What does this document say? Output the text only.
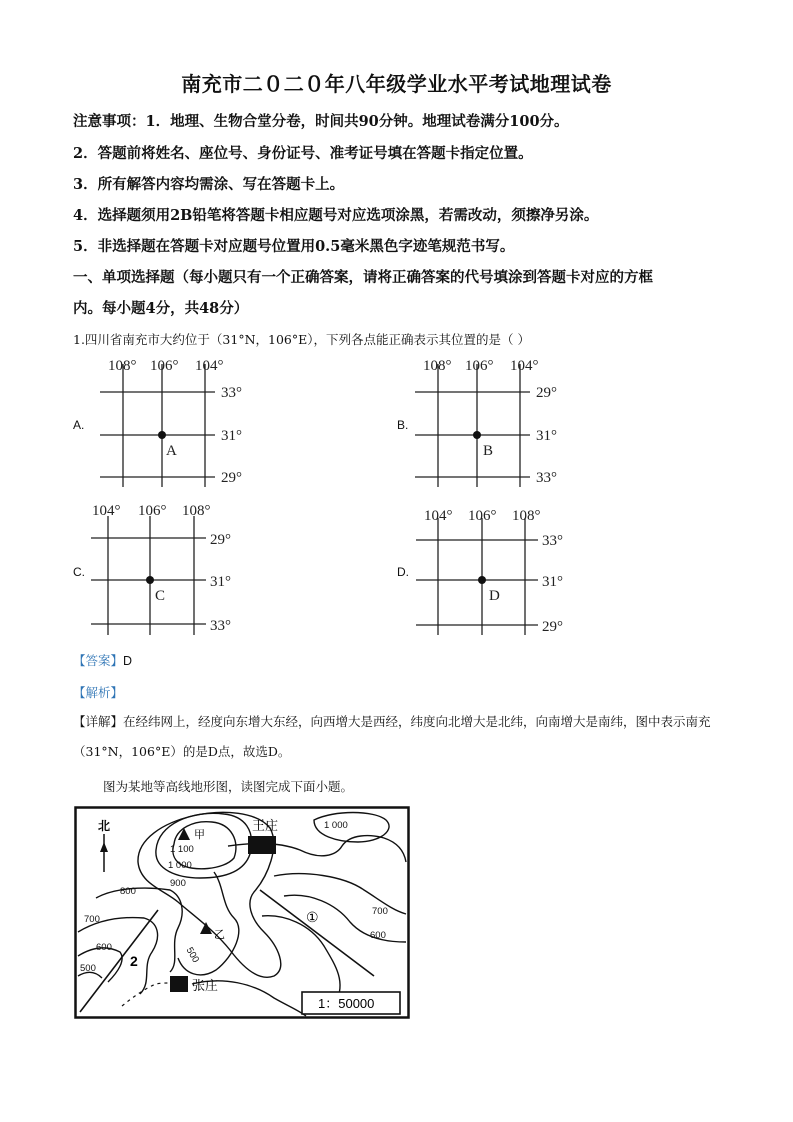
南充市二０二０年八年级学业水平考试地理试卷
注意事项：1．地理、生物合堂分卷，时间共90分钟。地理试卷满分100分。
2．答题前将姓名、座位号、身份证号、准考证号填在答题卡指定位置。
3．所有解答内容均需涂、写在答题卡上。
4．选择题须用2B铅笔将答题卡相应题号对应选项涂黑，若需改动，须擦净另涂。
5．非选择题在答题卡对应题号位置用0.5毫米黑色字迹笔规范书写。
一、单项选择题（每小题只有一个正确答案，请将正确答案的代号填涂到答题卡对应的方框
内。每小题4分，共48分）
1.四川省南充市大约位于（31°N，106°E），下列各点能正确表示其位置的是（ ）
A.
108° 106° 104°
33°
31°
29°
A
B.
108° 106° 104°
29°
31°
33°
B
C.
104° 106° 108°
29°
31°
33°
C
D.
104° 106° 108°
33°
31°
29°
D
【答案】D
【解析】
【详解】在经纬网上，经度向东增大东经，向西增大是西经，纬度向北增大是北纬，向南增大是南纬，图中表示南充（31°N，106°E）的是D点，故选D。
图为某地等高线地形图，读图完成下面小题。
北
甲
乙
王庄
张庄
1 100
1 000
1 000
900
800
700
600
500
500
700
600
①
2
1：50000
